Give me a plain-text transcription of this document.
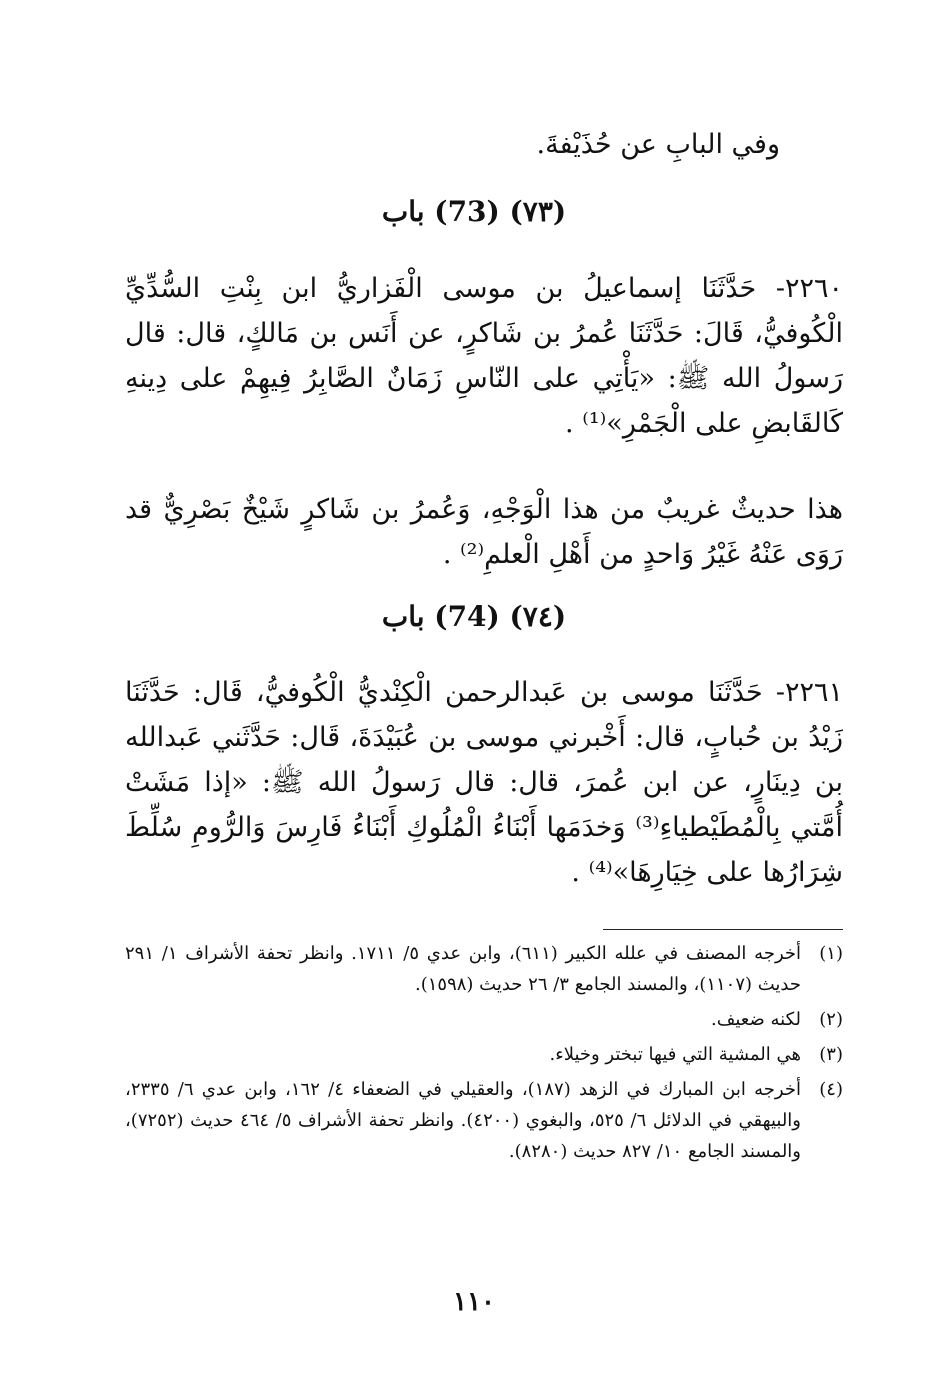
وفي البابِ عن حُذَيْفةَ.
(٧٣) (73) باب
٢٢٦٠- حَدَّثَنَا إسماعيلُ بن موسى الْفَزاريُّ ابن بِنْتِ السُّدِّيِّ الْكُوفيُّ، قَالَ: حَدَّثَنَا عُمرُ بن شَاكرٍ، عن أَنَس بن مَالكٍ، قال: قال رَسولُ الله ﷺ: «يَأْتِي على النّاسِ زَمَانٌ الصَّابِرُ فِيهِمْ على دِينهِ كَالقَابضِ على الْجَمْرِ»⁽¹⁾ .
هذا حديثٌ غريبٌ من هذا الْوَجْهِ، وَعُمرُ بن شَاكرٍ شَيْخٌ بَصْرِيٌّ قد رَوَى عَنْهُ غَيْرُ وَاحدٍ من أَهْلِ الْعلمِ⁽²⁾ .
(٧٤) (74) باب
٢٢٦١- حَدَّثَنَا موسى بن عَبدالرحمن الْكِنْديُّ الْكُوفيُّ، قَال: حَدَّثَنَا زَيْدُ بن حُبابٍ، قال: أَخْبرني موسى بن عُبَيْدَةَ، قَال: حَدَّثَني عَبدالله بن دِينَارٍ، عن ابن عُمرَ، قال: قال رَسولُ الله ﷺ: «إذا مَشَتْ أُمَّتي بِالْمُطَيْطياءِ⁽³⁾ وَخدَمَها أَبْنَاءُ الْمُلُوكِ أَبْنَاءُ فَارِسَ وَالرُّومِ سُلِّطَ شِرَارُها على خِيَارِهَا»⁽⁴⁾ .
(١)
أخرجه المصنف في علله الكبير (٦١١)، وابن عدي ٥/ ١٧١١. وانظر تحفة الأشراف ١/ ٢٩١ حديث (١١٠٧)، والمسند الجامع ٣/ ٢٦ حديث (١٥٩٨).
(٢)
لكنه ضعيف.
(٣)
هي المشية التي فيها تبختر وخيلاء.
(٤)
أخرجه ابن المبارك في الزهد (١٨٧)، والعقيلي في الضعفاء ٤/ ١٦٢، وابن عدي ٦/ ٢٣٣٥، والبيهقي في الدلائل ٦/ ٥٢٥، والبغوي (٤٢٠٠). وانظر تحفة الأشراف ٥/ ٤٦٤ حديث (٧٢٥٢)، والمسند الجامع ١٠/ ٨٢٧ حديث (٨٢٨٠).
١١٠
